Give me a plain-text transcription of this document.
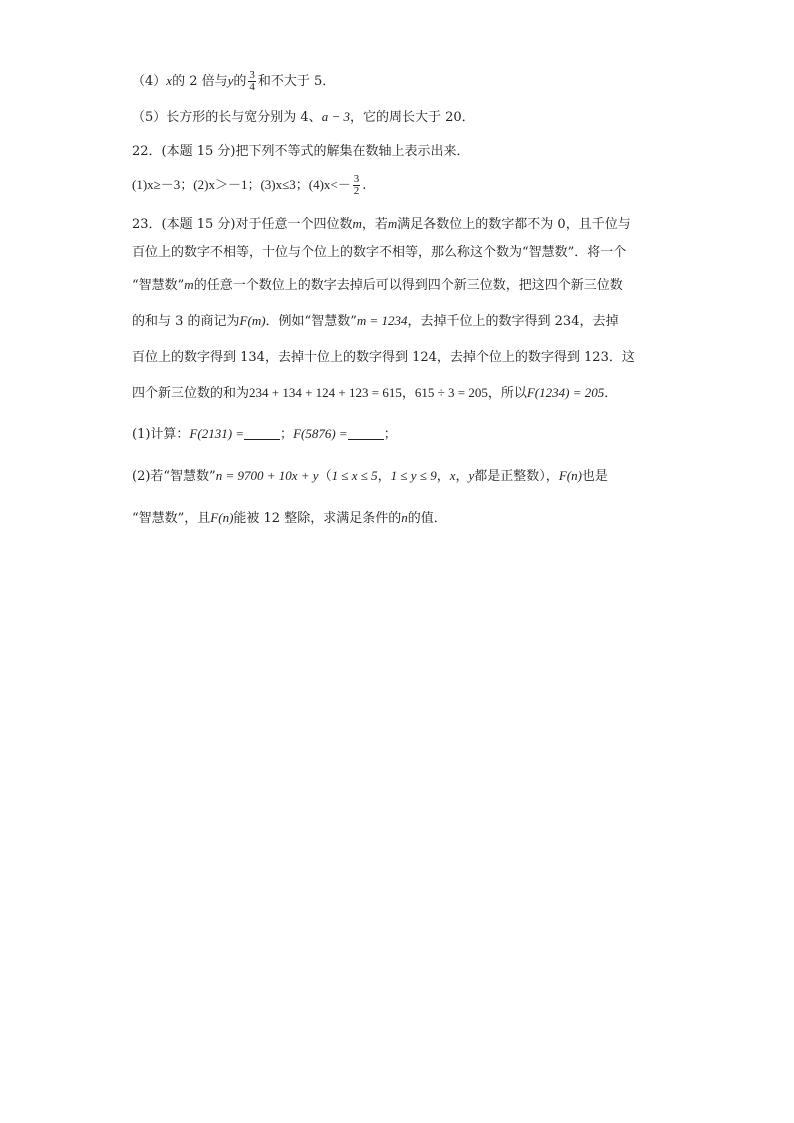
（4）x的 2 倍与y的 $\frac{3}{4}$ 和不大于 5．
（5）长方形的长与宽分别为 4、a − 3，它的周长大于 20．
22．(本题 15 分)把下列不等式的解集在数轴上表示出来．
(1)x≥－3；(2)x＞－1；(3)x≤3；$(4)x<- \frac{3}{2}$ .
23．(本题 15 分)对于任意一个四位数m，若m满足各数位上的数字都不为 0，且千位与
百位上的数字不相等，十位与个位上的数字不相等，那么称这个数为“智慧数”．将一个
“智慧数”m的任意一个数位上的数字去掉后可以得到四个新三位数，把这四个新三位数
的和与 3 的商记为F(m)．例如“智慧数”m = 1234，去掉千位上的数字得到 234，去掉
百位上的数字得到 134，去掉十位上的数字得到 124，去掉个位上的数字得到 123．这
四个新三位数的和为234 + 134 + 124 + 123 = 615，615 ÷ 3 = 205，所以F(1234) = 205．
(1)计算：F(2131) =	；F(5876) =	；
(2)若“智慧数”n = 9700 + 10x + y（1 ≤ x ≤ 5，1 ≤ y ≤ 9，x，y都是正整数），F(n)也是
“智慧数”，且F(n)能被 12 整除，求满足条件的n的值．
